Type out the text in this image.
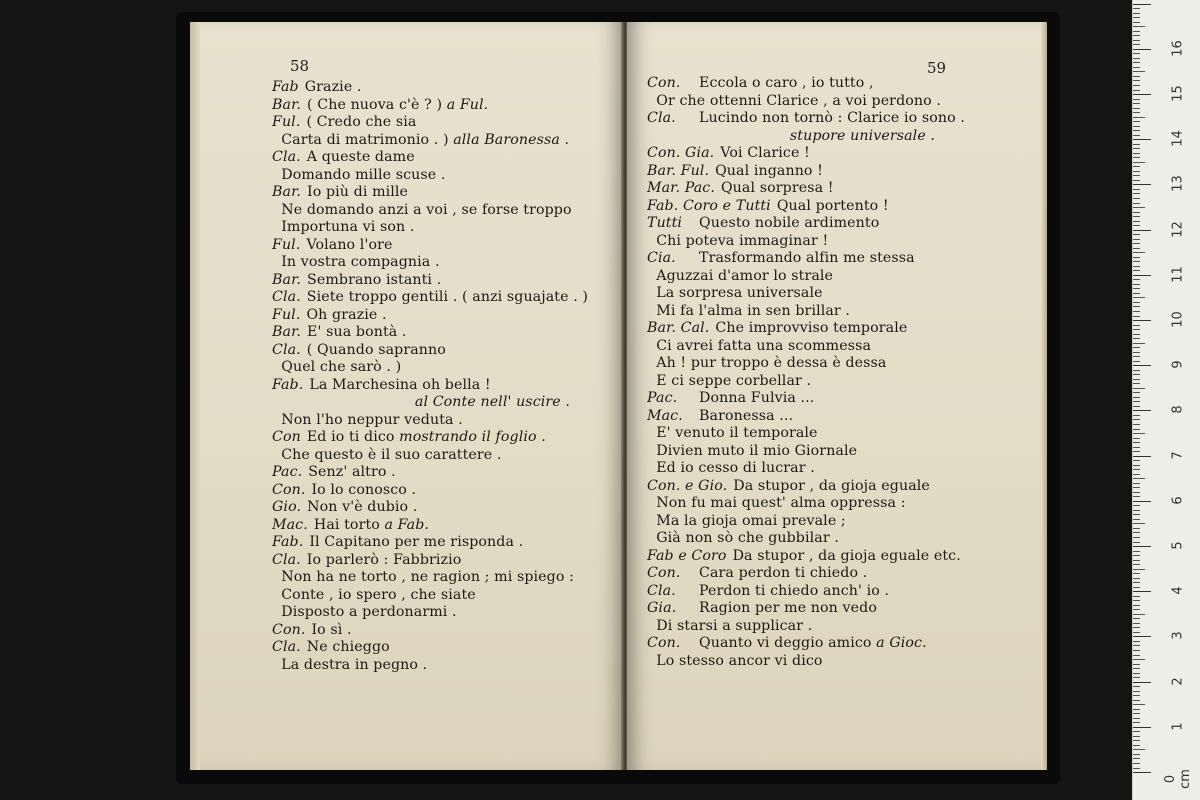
58
Fab Grazie .
Bar. ( Che nuova c'è ? ) a Ful.
Ful. ( Credo che sia
Carta di matrimonio . ) alla Baronessa .
Cla. A queste dame
Domando mille scuse .
Bar. Io più di mille
Ne domando anzi a voi , se forse troppo
Importuna vi son .
Ful. Volano l'ore
In vostra compagnia .
Bar. Sembrano istanti .
Cla. Siete troppo gentili . ( anzi sguajate . )
Ful. Oh grazie .
Bar. E' sua bontà .
Cla. ( Quando sapranno
Quel che sarò . )
Fab. La Marchesina oh bella !
al Conte nell' uscire .
Non l'ho neppur veduta .
Con Ed io ti dico mostrando il foglio .
Che questo è il suo carattere .
Pac. Senz' altro .
Con. Io lo conosco .
Gio. Non v'è dubio .
Mac. Hai torto a Fab.
Fab. Il Capitano per me risponda .
Cla. Io parlerò : Fabbrizio
Non ha ne torto , ne ragion ; mi spiego :
Conte , io spero , che siate
Disposto a perdonarmi .
Con. Io sì .
Cla. Ne chieggo
La destra in pegno .
59
Con. Eccola o caro , io tutto ,
Or che ottenni Clarice , a voi perdono .
Cla. Lucindo non tornò : Clarice io sono .
stupore universale .
Con. Gia. Voi Clarice !
Bar. Ful. Qual inganno !
Mar. Pac. Qual sorpresa !
Fab. Coro e Tutti Qual portento !
Tutti Questo nobile ardimento
Chi poteva immaginar !
Cia. Trasformando alfin me stessa
Aguzzai d'amor lo strale
La sorpresa universale
Mi fa l'alma in sen brillar .
Bar. Cal. Che improvviso temporale
Ci avrei fatta una scommessa
Ah ! pur troppo è dessa è dessa
E ci seppe corbellar .
Pac. Donna Fulvia ...
Mac. Baronessa ...
E' venuto il temporale
Divien muto il mio Giornale
Ed io cesso di lucrar .
Con. e Gio. Da stupor , da gioja eguale
Non fu mai quest' alma oppressa :
Ma la gioja omai prevale ;
Già non sò che gubbilar .
Fab e Coro Da stupor , da gioja eguale etc.
Con. Cara perdon ti chiedo .
Cla. Perdon ti chiedo anch' io .
Gia. Ragion per me non vedo
Di starsi a supplicar .
Con. Quanto vi deggio amico a Gioc.
Lo stesso ancor vi dico
0 cm
1
2
3
4
5
6
7
8
9
10
11
12
13
14
15
16
